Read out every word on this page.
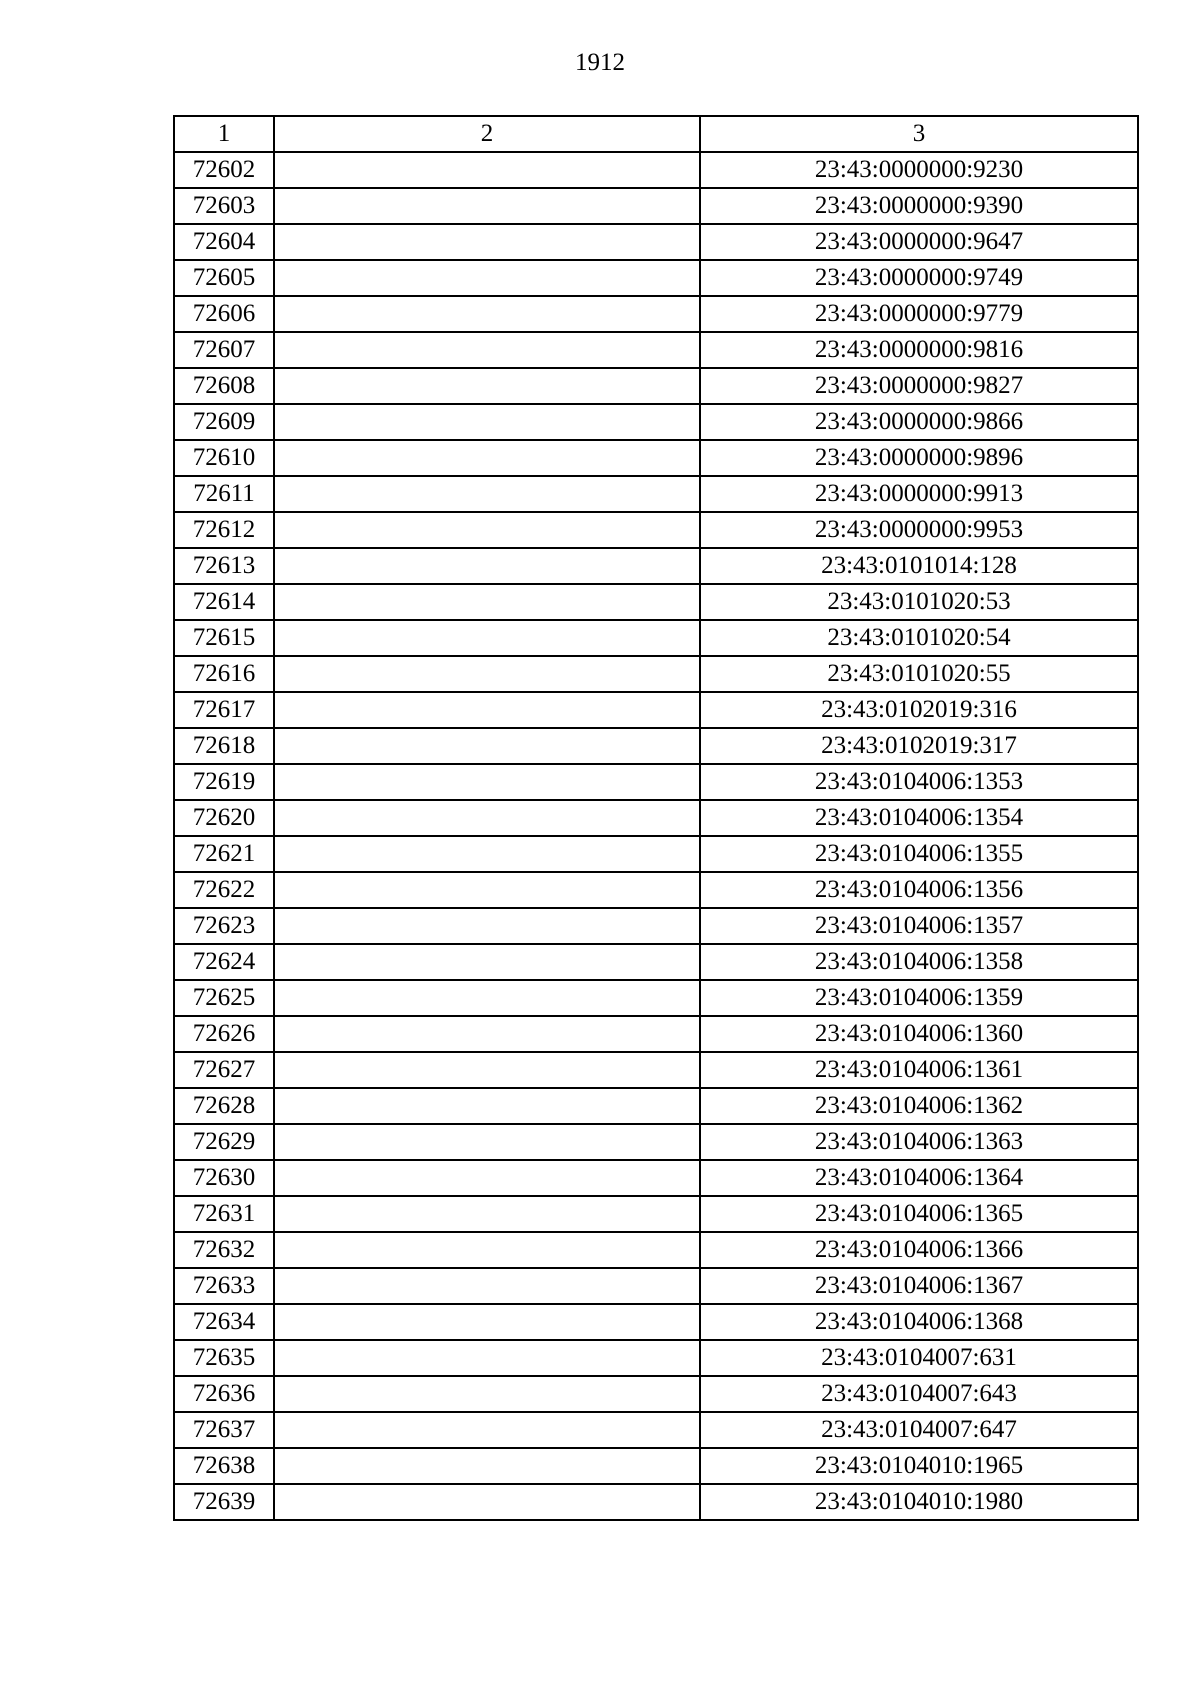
1912
1	2	3
72602		23:43:0000000:9230
72603		23:43:0000000:9390
72604		23:43:0000000:9647
72605		23:43:0000000:9749
72606		23:43:0000000:9779
72607		23:43:0000000:9816
72608		23:43:0000000:9827
72609		23:43:0000000:9866
72610		23:43:0000000:9896
72611		23:43:0000000:9913
72612		23:43:0000000:9953
72613		23:43:0101014:128
72614		23:43:0101020:53
72615		23:43:0101020:54
72616		23:43:0101020:55
72617		23:43:0102019:316
72618		23:43:0102019:317
72619		23:43:0104006:1353
72620		23:43:0104006:1354
72621		23:43:0104006:1355
72622		23:43:0104006:1356
72623		23:43:0104006:1357
72624		23:43:0104006:1358
72625		23:43:0104006:1359
72626		23:43:0104006:1360
72627		23:43:0104006:1361
72628		23:43:0104006:1362
72629		23:43:0104006:1363
72630		23:43:0104006:1364
72631		23:43:0104006:1365
72632		23:43:0104006:1366
72633		23:43:0104006:1367
72634		23:43:0104006:1368
72635		23:43:0104007:631
72636		23:43:0104007:643
72637		23:43:0104007:647
72638		23:43:0104010:1965
72639		23:43:0104010:1980
